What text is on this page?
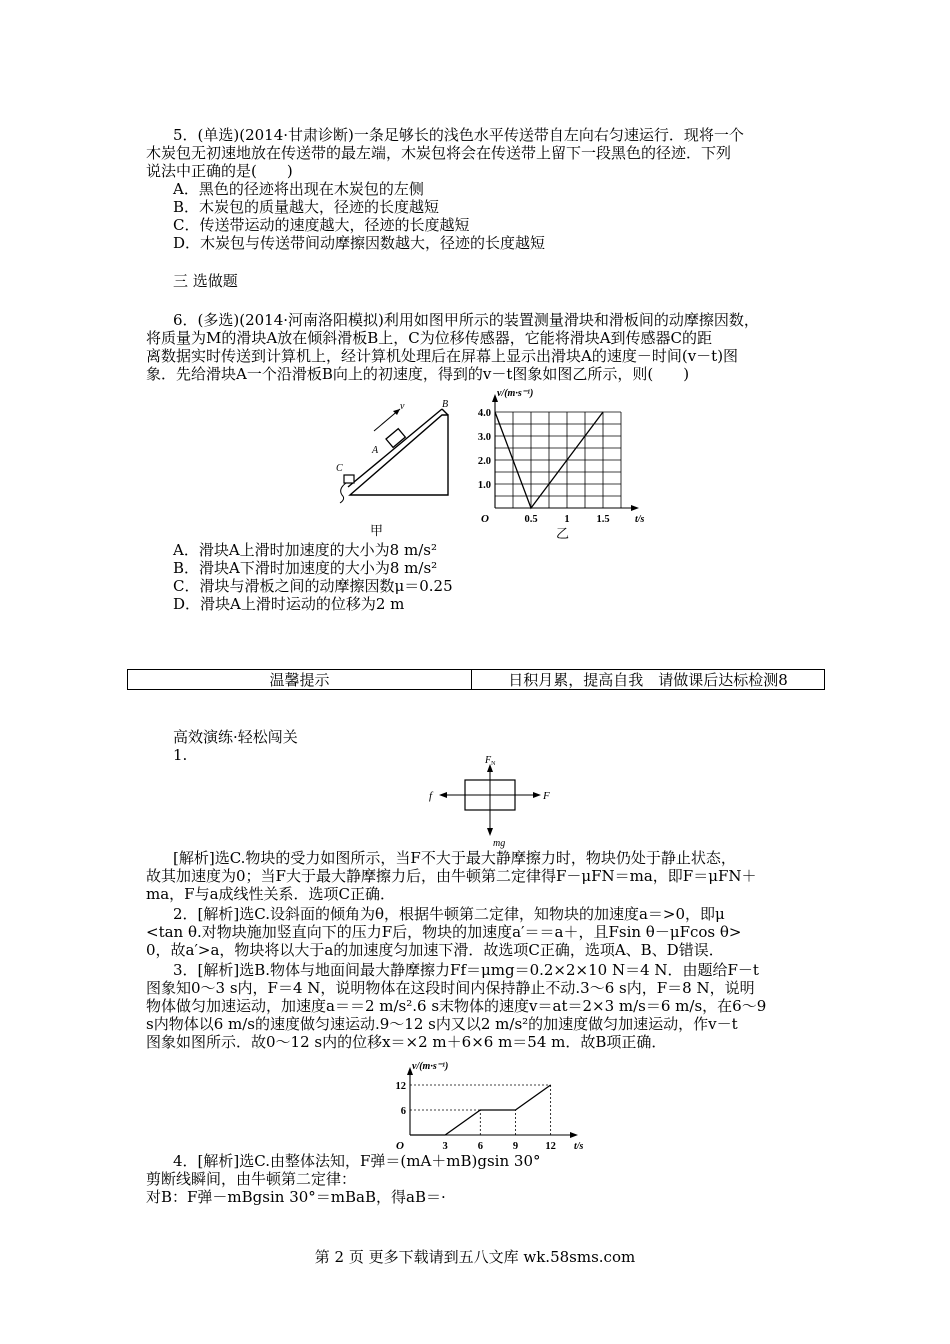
5．(单选)(2014·甘肃诊断)一条足够长的浅色水平传送带自左向右匀速运行．现将一个
木炭包无初速地放在传送带的最左端，木炭包将会在传送带上留下一段黑色的径迹．下列
说法中正确的是(　　)
A．黑色的径迹将出现在木炭包的左侧
B．木炭包的质量越大，径迹的长度越短
C．传送带运动的速度越大，径迹的长度越短
D．木炭包与传送带间动摩擦因数越大，径迹的长度越短
三 选做题
6．(多选)(2014·河南洛阳模拟)利用如图甲所示的装置测量滑块和滑板间的动摩擦因数，
将质量为M的滑块A放在倾斜滑板B上，C为位移传感器，它能将滑块A到传感器C的距
离数据实时传送到计算机上，经计算机处理后在屏幕上显示出滑块A的速度－时间(v－t)图
象．先给滑块A一个沿滑板B向上的初速度，得到的v－t图象如图乙所示，则(　　)
v
A
B
C
甲
v/(m·s⁻¹)
t/s
O	0.5	1	1.5
1.0
2.0
3.0
4.0
乙
A．滑块A上滑时加速度的大小为8 m/s²
B．滑块A下滑时加速度的大小为8 m/s²
C．滑块与滑板之间的动摩擦因数μ＝0.25
D．滑块A上滑时运动的位移为2 m
温馨提示	日积月累，提高自我　请做课后达标检测8
高效演练·轻松闯关
1.	$F_N$
f	F
mg
[解析]选C.物块的受力如图所示，当F不大于最大静摩擦力时，物块仍处于静止状态，
故其加速度为0；当F大于最大静摩擦力后，由牛顿第二定律得F－μFN＝ma，即F＝μFN＋
ma，F与a成线性关系．选项C正确．
2．[解析]选C.设斜面的倾角为θ，根据牛顿第二定律，知物块的加速度a＝>0，即μ
<tan θ.对物块施加竖直向下的压力F后，物块的加速度a′＝＝a＋，且Fsin θ－μFcos θ>
0，故a′>a，物块将以大于a的加速度匀加速下滑．故选项C正确，选项A、B、D错误．
3．[解析]选B.物体与地面间最大静摩擦力Ff＝μmg＝0.2×2×10 N＝4 N．由题给F－t
图象知0～3 s内，F＝4 N，说明物体在这段时间内保持静止不动.3～6 s内，F＝8 N，说明
物体做匀加速运动，加速度a＝＝2 m/s².6 s末物体的速度v＝at＝2×3 m/s＝6 m/s，在6～9
s内物体以6 m/s的速度做匀速运动.9～12 s内又以2 m/s²的加速度做匀加速运动，作v－t
图象如图所示．故0～12 s内的位移x＝×2 m＋6×6 m＝54 m．故B项正确．
v/(m·s⁻¹)
t/s
O	3	6	9	12
6
12
4．[解析]选C.由整体法知，F弹＝(mA＋mB)gsin 30°
剪断线瞬间，由牛顿第二定律：
对B：F弹－mBgsin 30°＝mBaB，得aB＝·
第 2 页 更多下载请到五八文库 wk.58sms.com
